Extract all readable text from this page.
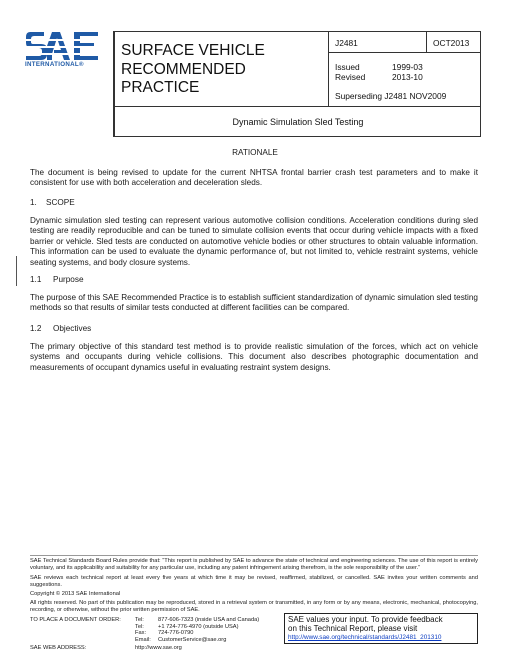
INTERNATIONAL®
SURFACE VEHICLE
RECOMMENDED PRACTICE
J2481	OCT2013
Issued	1999-03
Revised	2013-10
Superseding J2481 NOV2009
Dynamic Simulation Sled Testing
RATIONALE
The document is being revised to update for the current NHTSA frontal barrier crash test parameters and to make it consistent for use with both acceleration and deceleration sleds.
1. SCOPE
Dynamic simulation sled testing can represent various automotive collision conditions. Acceleration conditions during sled testing are readily reproducible and can be tuned to simulate collision events that occur during vehicle impacts with a fixed barrier or vehicle. Sled tests are conducted on automotive vehicle bodies or other structures to obtain valuable information. This information can be used to evaluate the dynamic performance of, but not limited to, vehicle restraint systems, vehicle seating systems, and body closure systems.
1.1 Purpose
The purpose of this SAE Recommended Practice is to establish sufficient standardization of dynamic simulation sled testing methods so that results of similar tests conducted at different facilities can be compared.
1.2 Objectives
The primary objective of this standard test method is to provide realistic simulation of the forces, which act on vehicle systems and occupants during vehicle collisions. This document also describes photographic documentation and measurements of occupant dynamics useful in evaluating restraint system designs.
SAE Technical Standards Board Rules provide that: “This report is published by SAE to advance the state of technical and engineering sciences. The use of this report is entirely voluntary, and its applicability and suitability for any particular use, including any patent infringement arising therefrom, is the sole responsibility of the user.”
SAE reviews each technical report at least every five years at which time it may be revised, reaffirmed, stabilized, or cancelled. SAE invites your written comments and suggestions.
Copyright © 2013 SAE International
All rights reserved. No part of this publication may be reproduced, stored in a retrieval system or transmitted, in any form or by any means, electronic, mechanical, photocopying, recording, or otherwise, without the prior written permission of SAE.
TO PLACE A DOCUMENT ORDER: Tel: 877-606-7323 (inside USA and Canada)
Tel: +1 724-776-4970 (outside USA)
Fax: 724-776-0790
Email: CustomerService@sae.org
SAE WEB ADDRESS:	http://www.sae.org
SAE values your input. To provide feedback
on this Technical Report, please visit
http://www.sae.org/technical/standards/J2481_201310
